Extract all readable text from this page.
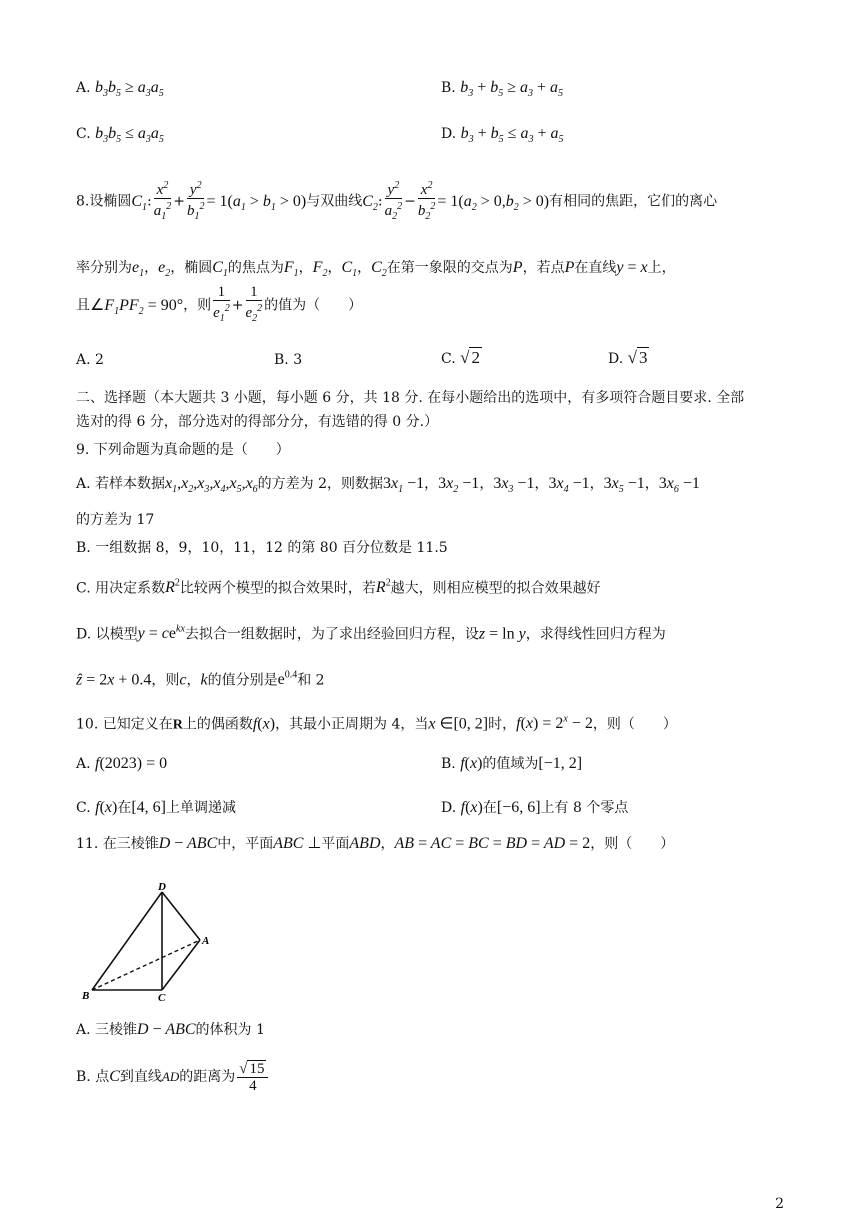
A. $b_3b_5 \ge a_3a_5$	B. $b_3 + b_5 \ge a_3 + a_5$
C. $b_3b_5 \le a_3a_5$	D. $b_3 + b_5 \le a_3 + a_5$
8.设椭圆$C_1$: $\frac{x^2}{a_1^2} + \frac{y^2}{b_1^2} = 1(a_1 > b_1 > 0)$与双曲线$C_2$: $\frac{y^2}{a_2^2} - \frac{x^2}{b_2^2} = 1(a_2 > 0,b_2 > 0)$有相同的焦距，它们的离心
率分别为$e_1$，$e_2$，椭圆$C_1$的焦点为$F_1$，$F_2$，$C_1$，$C_2$在第一象限的交点为P，若点P在直线y = x上，
且$\angle F_1PF_2 = 90^\circ$，则 $\frac{1}{e_1^2} + \frac{1}{e_2^2}$ 的值为（　　）
A. 2	B. 3	C. √ 2	D. √ 3
二、选择题（本大题共 3 小题，每小题 6 分，共 18 分. 在每小题给出的选项中，有多项符合题目要求. 全部
选对的得 6 分，部分选对的得部分分，有选错的得 0 分.）
9. 下列命题为真命题的是（　　）
A. 若样本数据$x_1,x_2,x_3,x_4,x_5,x_6$的方差为 2，则数据$3x_1 -1$，$3x_2 -1$，$3x_3 -1$，$3x_4 -1$，$3x_5 -1$，$3x_6 -1$
的方差为 17
B. 一组数据 8，9，10，11，12 的第 80 百分位数是 11.5
C. 用决定系数$R^2$比较两个模型的拟合效果时，若$R^2$越大，则相应模型的拟合效果越好
D. 以模型$y = ce^{kx}$去拟合一组数据时，为了求出经验回归方程，设z = ln y，求得线性回归方程为
ẑ = 2x + 0.4，则c，k的值分别是$e^{0.4}$和 2
10. 已知定义在R上的偶函数f(x)，其最小正周期为 4，当x ∈[0, 2]时，$f(x) = 2^x - 2$，则（　　）
A. f(2023) = 0	B. f(x)的值域为[−1, 2]
C. f(x)在[4, 6]上单调递减	D. f(x)在[−6, 6]上有 8 个零点
11. 在三棱锥D − ABC中，平面ABC ⊥平面ABD，AB = AC = BC = BD = AD = 2，则（　　）
D
A
B	C
A. 三棱锥D − ABC的体积为 1
B. 点C到直线AD的距离为 $\frac{√ 15}{4}$
2
